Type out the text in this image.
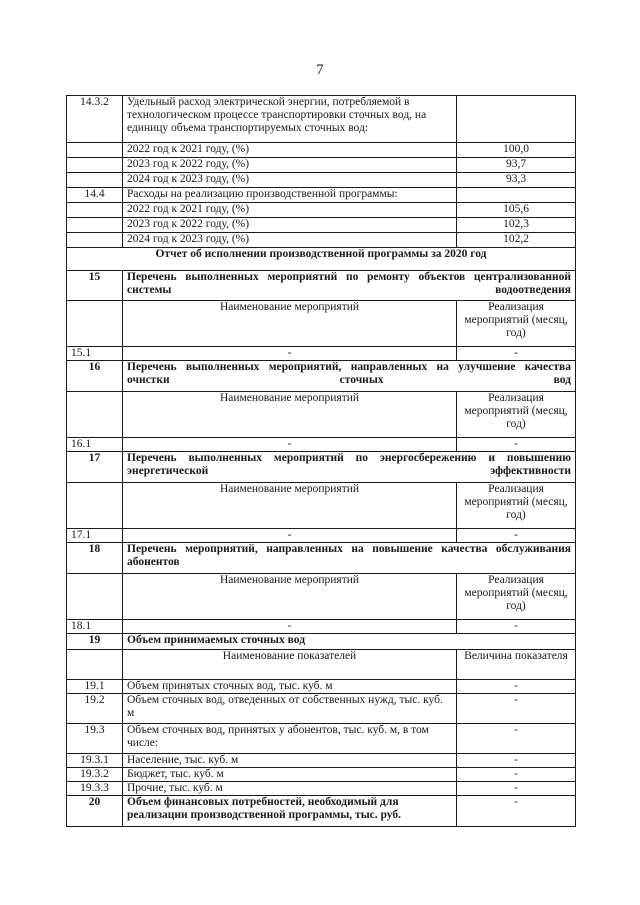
7
14.3.2	Удельный расход электрической энергии, потребляемой в технологическом процессе транспортировки сточных вод, на единицу объема транспортируемых сточных вод:	
	2022 год к 2021 году, (%)	100,0
	2023 год к 2022 году, (%)	93,7
	2024 год к 2023 году, (%)	93,3
14.4	Расходы на реализацию производственной программы:	
	2022 год к 2021 году, (%)	105,6
	2023 год к 2022 году, (%)	102,3
	2024 год к 2023 году, (%)	102,2
Отчет об исполнении производственной программы за 2020 год		
15	Перечень выполненных мероприятий по ремонту объектов централизованной системы водоотведения	
	Наименование мероприятий	Реализация мероприятий (месяц, год)
15.1	-	-
16	Перечень выполненных мероприятий, направленных на улучшение качества очистки сточных вод	
	Наименование мероприятий	Реализация мероприятий (месяц, год)
16.1	-	-
17	Перечень выполненных мероприятий по энергосбережению и повышению энергетической эффективности	
	Наименование мероприятий	Реализация мероприятий (месяц, год)
17.1	-	-
18	Перечень мероприятий, направленных на повышение качества обслуживания абонентов	
	Наименование мероприятий	Реализация мероприятий (месяц, год)
18.1	-	-
19	Объем принимаемых сточных вод	
	Наименование показателей	Величина показателя
19.1	Объем принятых сточных вод, тыс. куб. м	-
19.2	Объем сточных вод, отведенных от собственных нужд, тыс. куб. м	-
19.3	Объем сточных вод, принятых у абонентов, тыс. куб. м, в том числе:	-
19.3.1	Население, тыс. куб. м	-
19.3.2	Бюджет, тыс. куб. м	-
19.3.3	Прочие, тыс. куб. м	-
20	Объем финансовых потребностей, необходимый для реализации производственной программы, тыс. руб.	-
